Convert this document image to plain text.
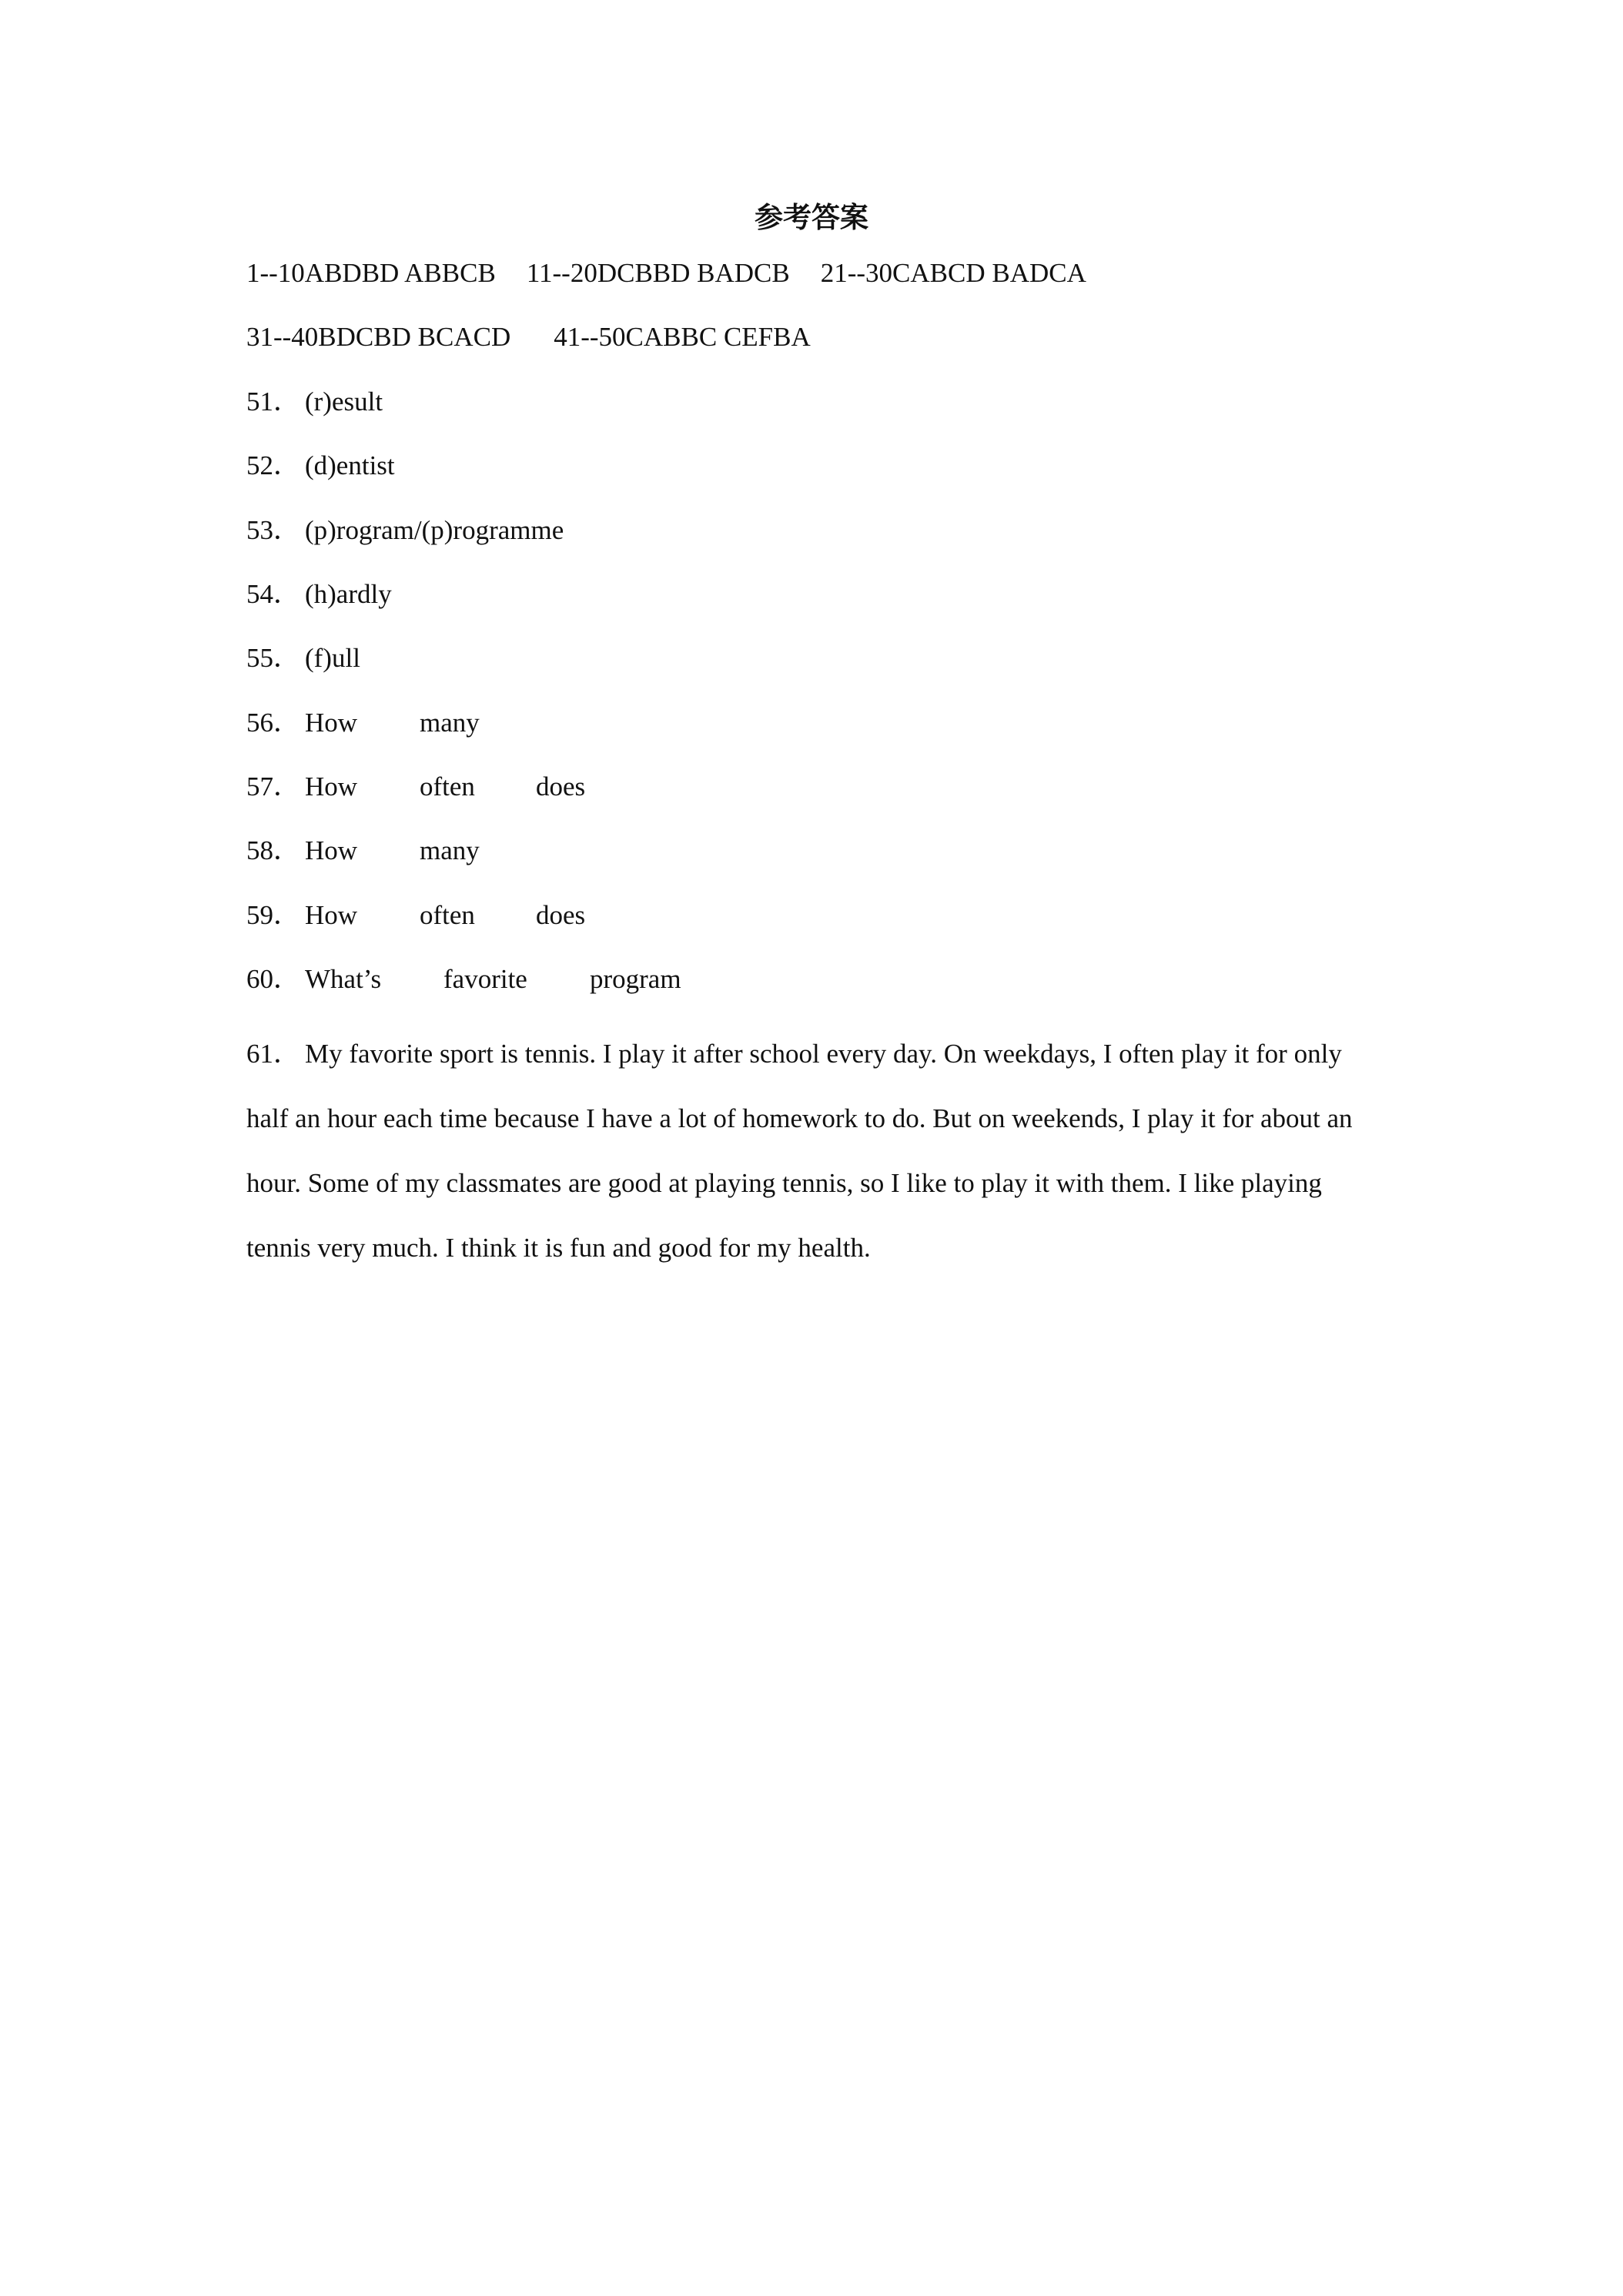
参考答案
1--10ABDBD ABBCB 11--20DCBBD BADCB 21--30CABCD BADCA
31--40BDCBD BCACD 41--50CABBC CEFBA
51． (r)esult
52． (d)entist
53． (p)rogram/(p)rogramme
54． (h)ardly
55． (f)ull
56． How many
57． How often does
58． How many
59． How often does
60． What’s favorite program
61． My favorite sport is tennis. I play it after school every day. On weekdays, I often play it for only half an hour each time because I have a lot of homework to do. But on weekends, I play it for about an hour. Some of my classmates are good at playing tennis, so I like to play it with them. I like playing tennis very much. I think it is fun and good for my health.
